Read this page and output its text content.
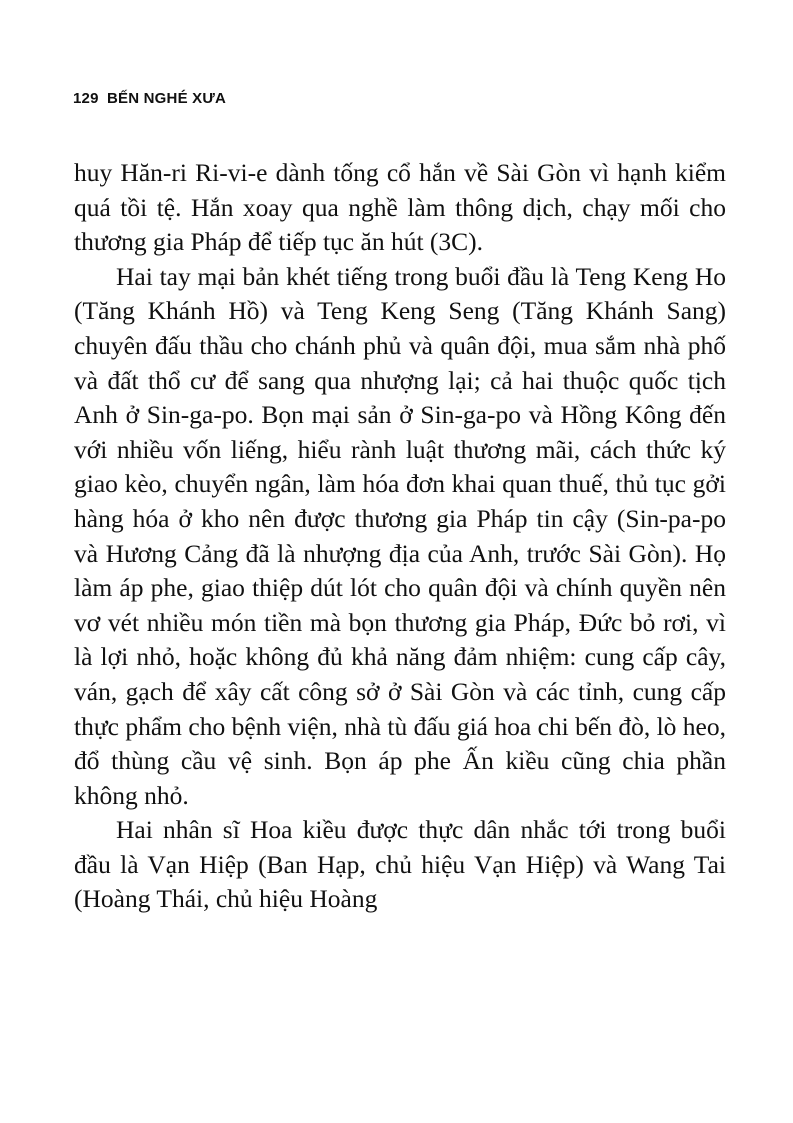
129 BẾN NGHÉ XƯA

huy Hăn-ri Ri-vi-e dành tống cổ hắn về Sài Gòn vì hạnh kiểm quá tồi tệ. Hắn xoay qua nghề làm thông dịch, chạy mối cho thương gia Pháp để tiếp tục ăn hút (3C).

Hai tay mại bản khét tiếng trong buổi đầu là Teng Keng Ho (Tăng Khánh Hồ) và Teng Keng Seng (Tăng Khánh Sang) chuyên đấu thầu cho chánh phủ và quân đội, mua sắm nhà phố và đất thổ cư để sang qua nhượng lại; cả hai thuộc quốc tịch Anh ở Sin-ga-po. Bọn mại sản ở Sin-ga-po và Hồng Kông đến với nhiều vốn liếng, hiểu rành luật thương mãi, cách thức ký giao kèo, chuyển ngân, làm hóa đơn khai quan thuế, thủ tục gởi hàng hóa ở kho nên được thương gia Pháp tin cậy (Sin-pa-po và Hương Cảng đã là nhượng địa của Anh, trước Sài Gòn). Họ làm áp phe, giao thiệp dút lót cho quân đội và chính quyền nên vơ vét nhiều món tiền mà bọn thương gia Pháp, Đức bỏ rơi, vì là lợi nhỏ, hoặc không đủ khả năng đảm nhiệm: cung cấp cây, ván, gạch để xây cất công sở ở Sài Gòn và các tỉnh, cung cấp thực phẩm cho bệnh viện, nhà tù đấu giá hoa chi bến đò, lò heo, đổ thùng cầu vệ sinh. Bọn áp phe Ấn kiều cũng chia phần không nhỏ.

Hai nhân sĩ Hoa kiều được thực dân nhắc tới trong buổi đầu là Vạn Hiệp (Ban Hạp, chủ hiệu Vạn Hiệp) và Wang Tai (Hoàng Thái, chủ hiệu Hoàng
